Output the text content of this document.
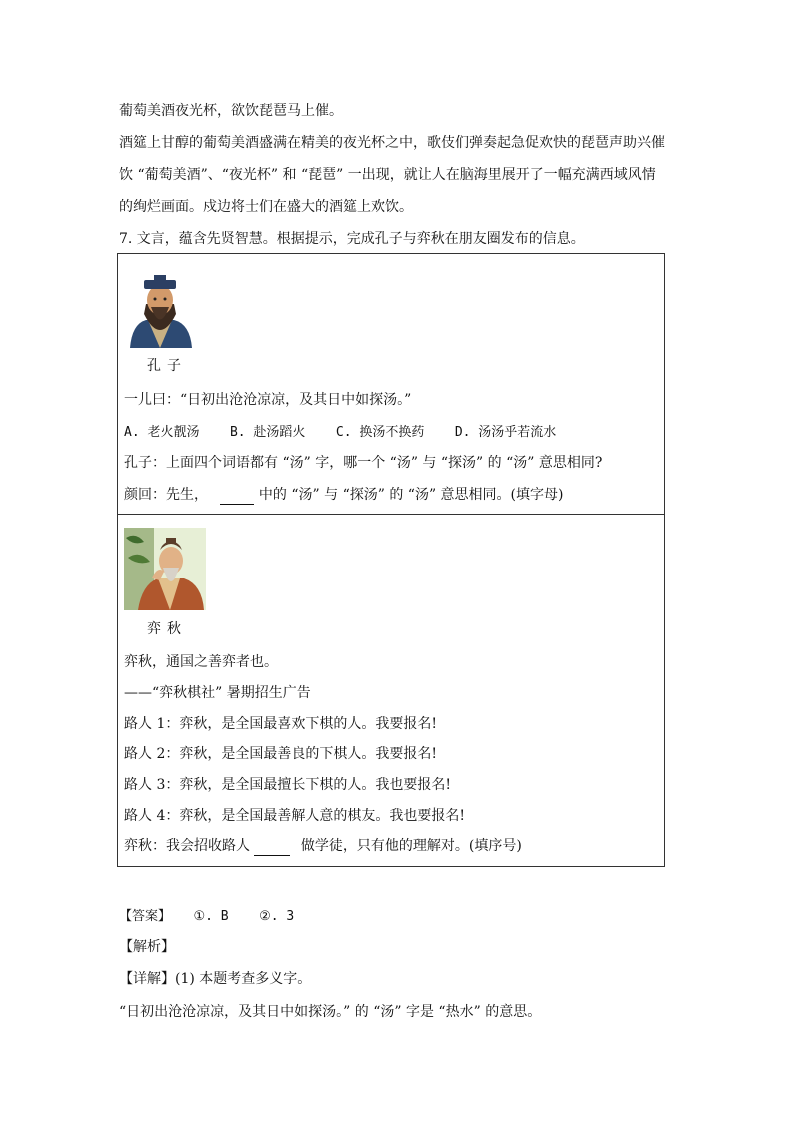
葡萄美酒夜光杯，欲饮琵琶马上催。
酒筵上甘醇的葡萄美酒盛满在精美的夜光杯之中，歌伎们弹奏起急促欢快的琵琶声助兴催
饮 “葡萄美酒”、“夜光杯” 和 “琵琶” 一出现，就让人在脑海里展开了一幅充满西域风情
的绚烂画面。戍边将士们在盛大的酒筵上欢饮。
7. 文言，蕴含先贤智慧。根据提示，完成孔子与弈秋在朋友圈发布的信息。
孔子
一儿曰：“日初出沧沧凉凉，及其日中如探汤。”
A. 老火靓汤 B. 赴汤蹈火 C. 换汤不换药 D. 汤汤乎若流水
孔子：上面四个词语都有 “汤” 字，哪一个 “汤” 与 “探汤” 的 “汤” 意思相同?
颜回：先生，	中的 “汤” 与 “探汤” 的 “汤” 意思相同。(填字母)
弈秋
弈秋，通国之善弈者也。
——“弈秋棋社” 暑期招生广告
路人 1：弈秋，是全国最喜欢下棋的人。我要报名!
路人 2：弈秋，是全国最善良的下棋人。我要报名!
路人 3：弈秋，是全国最擅长下棋的人。我也要报名!
路人 4：弈秋，是全国最善解人意的棋友。我也要报名!
弈秋：我会招收路人	做学徒，只有他的理解对。(填序号)
【答案】 ①. B ②. 3
【解析】
【详解】(1) 本题考查多义字。
“日初出沧沧凉凉，及其日中如探汤。” 的 “汤” 字是 “热水” 的意思。
